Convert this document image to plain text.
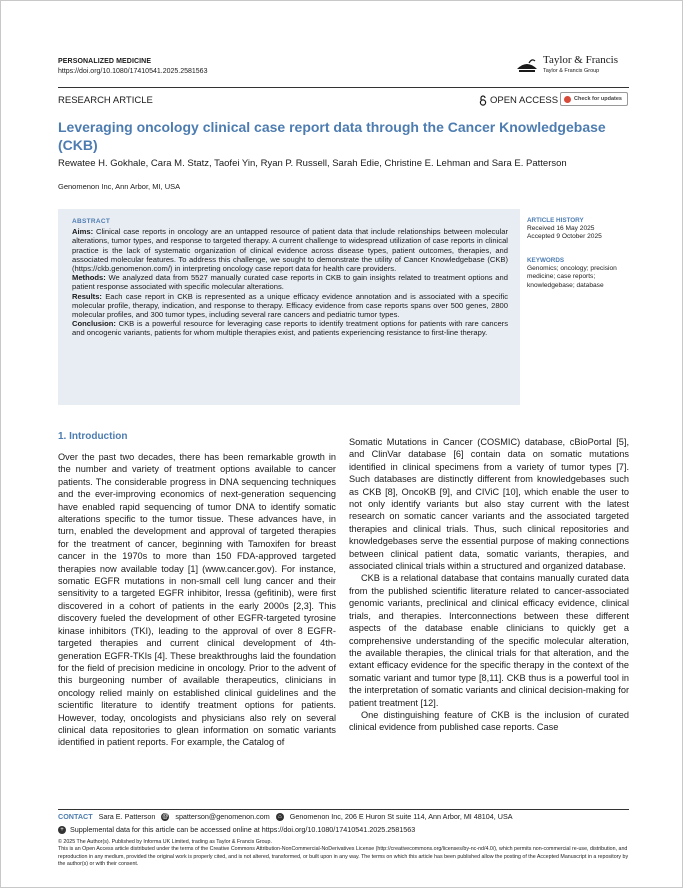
PERSONALIZED MEDICINE
https://doi.org/10.1080/17410541.2025.2581563
Taylor & Francis
Taylor & Francis Group
RESEARCH ARTICLE	OPEN ACCESS	Check for updates
Leveraging oncology clinical case report data through the Cancer Knowledgebase (CKB)
Rewatee H. Gokhale, Cara M. Statz, Taofei Yin, Ryan P. Russell, Sarah Edie, Christine E. Lehman and Sara E. Patterson
Genomenon Inc, Ann Arbor, MI, USA
ABSTRACT
Aims: Clinical case reports in oncology are an untapped resource of patient data that include relationships between molecular alterations, tumor types, and response to targeted therapy. A current challenge to widespread utilization of case reports in clinical practice is the lack of systematic organization of clinical evidence across disease types, patient outcomes, therapies, and associated molecular features. To address this challenge, we sought to demonstrate the utility of Cancer Knowledgebase (CKB) (https://ckb.genomenon.com/) in interpreting oncology case report data for health care providers.
Methods: We analyzed data from 5527 manually curated case reports in CKB to gain insights related to treatment options and patient response associated with specific molecular alterations.
Results: Each case report in CKB is represented as a unique efficacy evidence annotation and is associated with a specific molecular profile, therapy, indication, and response to therapy. Efficacy evidence from case reports spans over 500 genes, 2800 molecular profiles, and 300 tumor types, including several rare cancers and pediatric tumor types.
Conclusion: CKB is a powerful resource for leveraging case reports to identify treatment options for patients with rare cancers and oncogenic variants, patients for whom multiple therapies exist, and patients experiencing resistance to first-line therapy.
ARTICLE HISTORY
Received 16 May 2025
Accepted 9 October 2025
KEYWORDS
Genomics; oncology; precision medicine; case reports; knowledgebase; database
1. Introduction
Over the past two decades, there has been remarkable growth in the number and variety of treatment options available to cancer patients. The considerable progress in DNA sequencing techniques and the ever-improving economics of next-generation sequencing have enabled rapid sequencing of tumor DNA to identify somatic alterations specific to the tumor tissue. These advances have, in turn, enabled the development and approval of targeted therapies for the treatment of cancer, beginning with Tamoxifen for breast cancer in the 1970s to more than 150 FDA-approved targeted therapies now available today [1] (www.cancer.gov). For instance, somatic EGFR mutations in non-small cell lung cancer and their sensitivity to a targeted EGFR inhibitor, Iressa (gefitinib), were first discovered in a cohort of patients in the early 2000s [2,3]. This discovery fueled the development of other EGFR-targeted tyrosine kinase inhibitors (TKI), leading to the approval of over 8 EGFR-targeted therapies and current clinical development of 4th-generation EGFR-TKIs [4]. These breakthroughs laid the foundation for the field of precision medicine in oncology. Prior to the advent of this burgeoning number of available therapeutics, clinicians in oncology relied mainly on established clinical guidelines and the scientific literature to identify treatment options for patients. However, today, oncologists and physicians also rely on several clinical data repositories to glean information on somatic variants identified in patient reports. For example, the Catalog of
Somatic Mutations in Cancer (COSMIC) database, cBioPortal [5], and ClinVar database [6] contain data on somatic mutations identified in clinical specimens from a variety of tumor types [7]. Such databases are distinctly different from knowledgebases such as CKB [8], OncoKB [9], and CIViC [10], which enable the user to not only identify variants but also stay current with the latest research on somatic cancer variants and the associated targeted therapies and clinical trials. Thus, such clinical repositories and knowledgebases serve the essential purpose of making connections between clinical patient data, somatic variants, therapies, and associated clinical trials within a structured and organized database.
CKB is a relational database that contains manually curated data from the published scientific literature related to cancer-associated genomic variants, preclinical and clinical efficacy evidence, clinical trials, and therapies. Interconnections between these different aspects of the database enable clinicians to quickly get a comprehensive understanding of the specific molecular alteration, the available therapies, the clinical trials for that alteration, and the extant efficacy evidence for the specific therapy in the context of the somatic variant and tumor type [8,11]. CKB thus is a powerful tool in the interpretation of somatic variants and clinical decision-making for patient treatment [12].
One distinguishing feature of CKB is the inclusion of curated clinical evidence from published case reports. Case
CONTACT Sara E. Patterson @ spatterson@genomenon.com	⌂	Genomenon Inc, 206 E Huron St suite 114, Ann Arbor, MI 48104, USA
+ Supplemental data for this article can be accessed online at https://doi.org/10.1080/17410541.2025.2581563
© 2025 The Author(s). Published by Informa UK Limited, trading as Taylor & Francis Group.
This is an Open Access article distributed under the terms of the Creative Commons Attribution-NonCommercial-NoDerivatives License (http://creativecommons.org/licenses/by-nc-nd/4.0/), which permits non-commercial re-use, distribution, and reproduction in any medium, provided the original work is properly cited, and is not altered, transformed, or built upon in any way. The terms on which this article has been published allow the posting of the Accepted Manuscript in a repository by the author(s) or with their consent.
